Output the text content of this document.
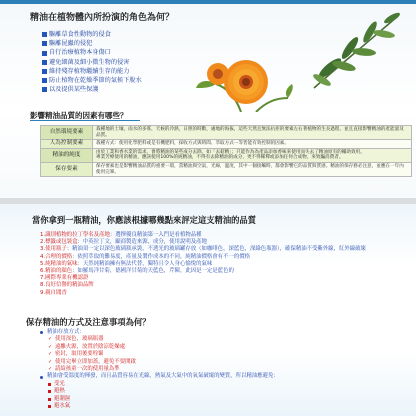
精油在植物體內所扮演的角色為何？
驅離草食性動物的侵食
驅離昆蟲的侵犯
自行治療植物本身傷口
避免細菌及細小微生物的侵害
維持殘存植物繼續生存的能力
防止植物在乾燥季節的氣候下脫水
以及提供某些保護
影響精油品質的因素有哪些？
自然環境要素	栽種地的土壤，雨水的多寡，天候的冷熱，日照的時數，處地的海拔，這些天然且無法抗拒的要素左右著植物的生長過程，並且直接影響精油的產能量及品質。
人為控制要素	栽種方式：使用化學肥料或是有機肥料，採收方式與時間、萃取方式⋯等皆能有效控制的因素。
精油的純度	由於工業和香水業的需求，會將精油的某些成分去除，如「去萜精」；只能作為為產品添加香味來使用而失去了精油原有的輔助效用。
專業芳療使用的精油，應該使用100%的純精油，不得有去除精油的成分，更不得稀釋或添加任何合成物，來致騙消費者。
保存要素	保存要素也是影響精油品質的重要一環，當精油與空氣，光線，溫度，其中一個接觸時，都會影響它的品質與質感。精油的保存務必注意，並應在一年內使用完畢。
當你拿到一瓶精油，你應該根據哪幾點來評定這支精油的品質
1.識別植物的拉丁學名及產地：選擇優良精油第一入門是看植物品種
2.標籤或包裝盒：中英拉丁文，顧商製造來源，成分，使用說明及產地
3.使用瓶子：精油須一定以深色玻璃瓶承裝，不透光的玻璃罐存放（如咖啡色，深藍色，深綠色瓶器），確保精油不受紫外線，紅外線破壞
4.合理的價格：依照萃取的難易度，產量及製作成本的不同，純精油價格會有不一的價格
5.純精油的氣味：天然純精油擁有無法代替，獨特且令人身心愉悅的氣味
6.精油的顏色：如羅馬洋甘菊，德國洋甘菊的天藍色，芹陳，此因是一定是藍色的
7.國際專業有機認證
8.良好信譽的精油品牌
9.親自聞香
保存精油的方式及注意事項為何？
精油存放方式：
✓ 使用深色，玻璃瓶器
✓ 遠離火源，放置於陰涼乾燥處
✓ 密封，取用後要栓緊
✓ 使用完畢立即加蓋，避免不要開啟
✓ 請給孩童一次的使用量為準
精油會受溫度的揮發，而且品質容易在光線，熱氣及大氣中的氧氣破壞的變質，所以精油應避免：
受光
避熱
避潮濕
避水氣
